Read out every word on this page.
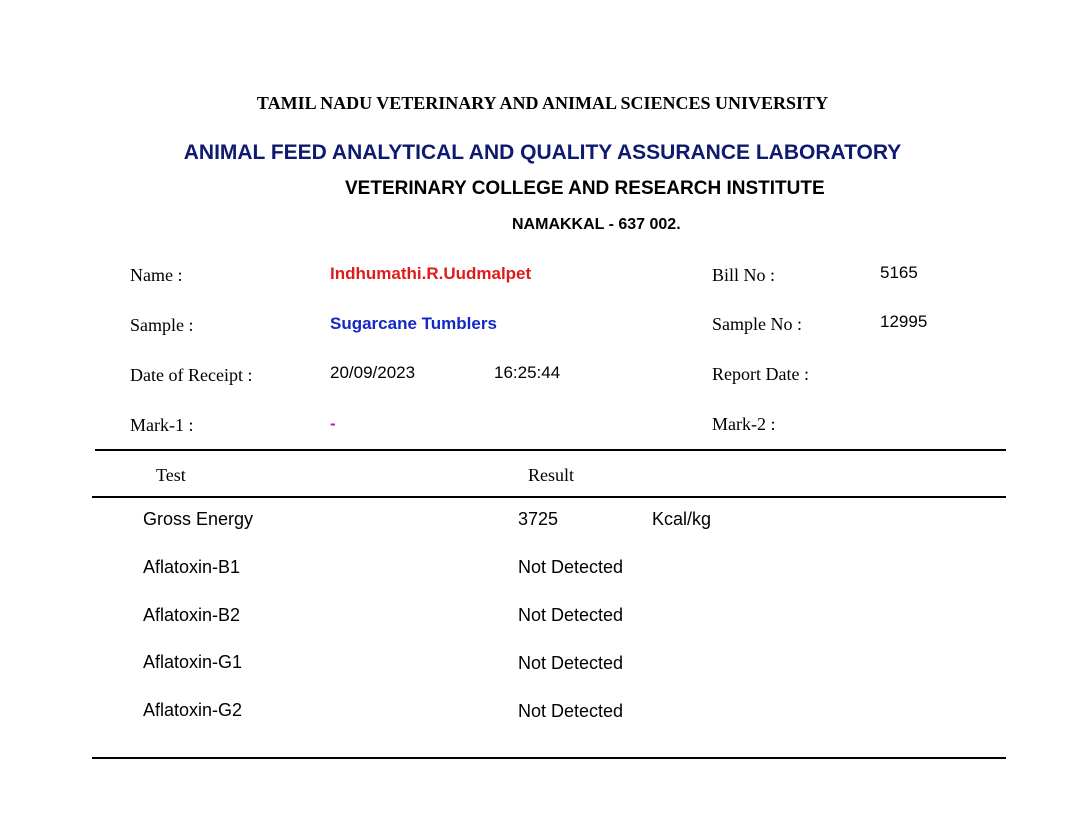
TAMIL NADU VETERINARY AND ANIMAL SCIENCES UNIVERSITY
ANIMAL FEED ANALYTICAL AND QUALITY ASSURANCE LABORATORY
VETERINARY COLLEGE AND RESEARCH INSTITUTE
NAMAKKAL - 637 002.
Name :	Indhumathi.R.Uudmalpet	Bill No :	5165
Sample :	Sugarcane Tumblers	Sample No :	12995
Date of Receipt :	20/09/2023	16:25:44	Report Date :
Mark-1 :	-	Mark-2 :
Test	Result
Gross Energy	3725	Kcal/kg
Aflatoxin-B1	Not Detected
Aflatoxin-B2	Not Detected
Aflatoxin-G1	Not Detected
Aflatoxin-G2	Not Detected
